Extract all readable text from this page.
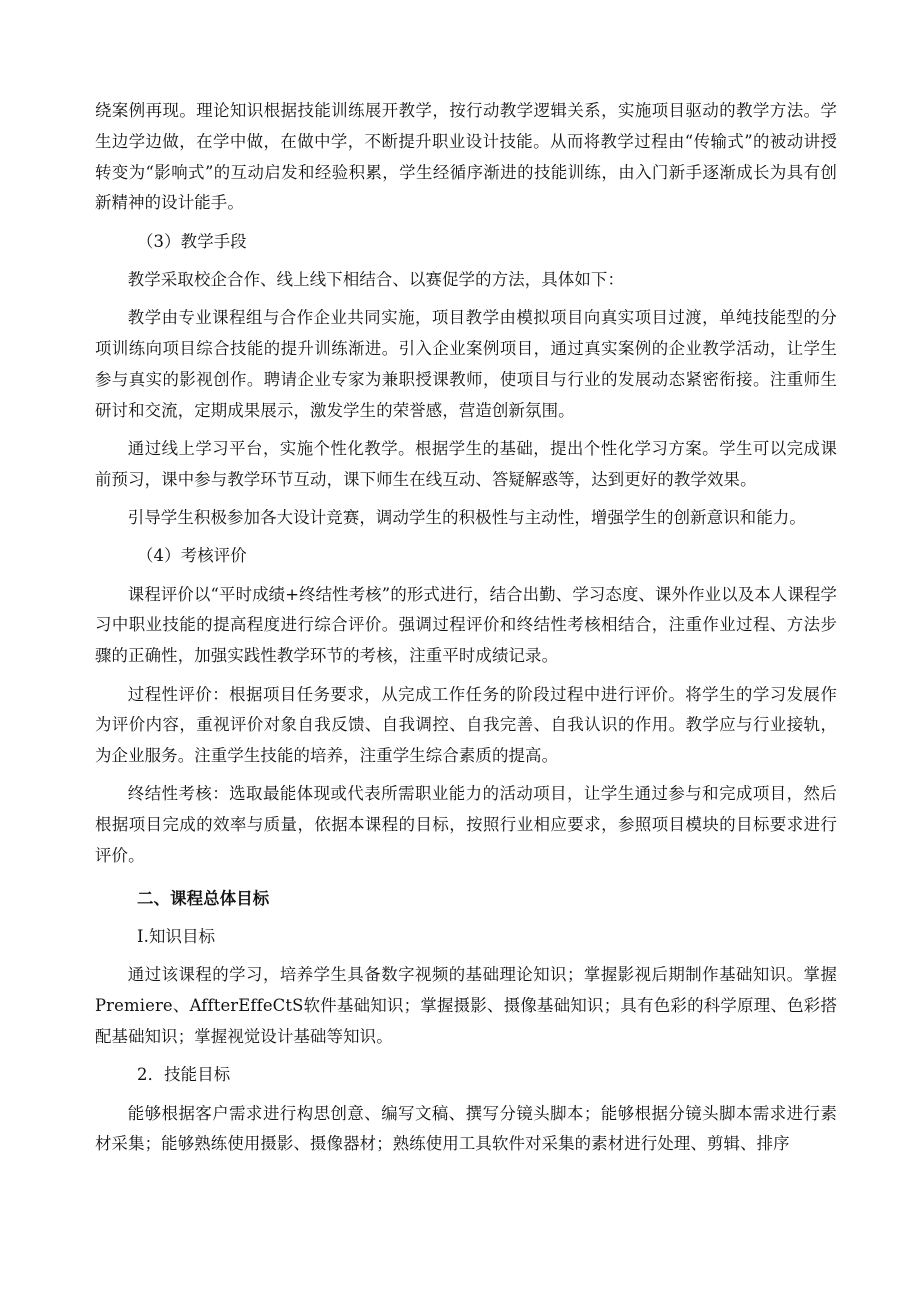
绕案例再现。理论知识根据技能训练展开教学，按行动教学逻辑关系，实施项目驱动的教学方法。学生边学边做，在学中做，在做中学，不断提升职业设计技能。从而将教学过程由“传输式”的被动讲授转变为“影响式”的互动启发和经验积累，学生经循序渐进的技能训练，由入门新手逐渐成长为具有创新精神的设计能手。

（3）教学手段

教学采取校企合作、线上线下相结合、以赛促学的方法，具体如下：

教学由专业课程组与合作企业共同实施，项目教学由模拟项目向真实项目过渡，单纯技能型的分项训练向项目综合技能的提升训练渐进。引入企业案例项目，通过真实案例的企业教学活动，让学生参与真实的影视创作。聘请企业专家为兼职授课教师，使项目与行业的发展动态紧密衔接。注重师生研讨和交流，定期成果展示，激发学生的荣誉感，营造创新氛围。

通过线上学习平台，实施个性化教学。根据学生的基础，提出个性化学习方案。学生可以完成课前预习，课中参与教学环节互动，课下师生在线互动、答疑解惑等，达到更好的教学效果。

引导学生积极参加各大设计竞赛，调动学生的积极性与主动性，增强学生的创新意识和能力。

（4）考核评价

课程评价以“平时成绩+终结性考核”的形式进行，结合出勤、学习态度、课外作业以及本人课程学习中职业技能的提高程度进行综合评价。强调过程评价和终结性考核相结合，注重作业过程、方法步骤的正确性，加强实践性教学环节的考核，注重平时成绩记录。

过程性评价：根据项目任务要求，从完成工作任务的阶段过程中进行评价。将学生的学习发展作为评价内容，重视评价对象自我反馈、自我调控、自我完善、自我认识的作用。教学应与行业接轨，为企业服务。注重学生技能的培养，注重学生综合素质的提高。

终结性考核：选取最能体现或代表所需职业能力的活动项目，让学生通过参与和完成项目，然后根据项目完成的效率与质量，依据本课程的目标，按照行业相应要求，参照项目模块的目标要求进行评价。

二、课程总体目标

I.知识目标

通过该课程的学习，培养学生具备数字视频的基础理论知识；掌握影视后期制作基础知识。掌握Premiere、AffterEffeCtS软件基础知识；掌握摄影、摄像基础知识；具有色彩的科学原理、色彩搭配基础知识；掌握视觉设计基础等知识。

2．技能目标

能够根据客户需求进行构思创意、编写文稿、撰写分镜头脚本；能够根据分镜头脚本需求进行素材采集；能够熟练使用摄影、摄像器材；熟练使用工具软件对采集的素材进行处理、剪辑、排序
